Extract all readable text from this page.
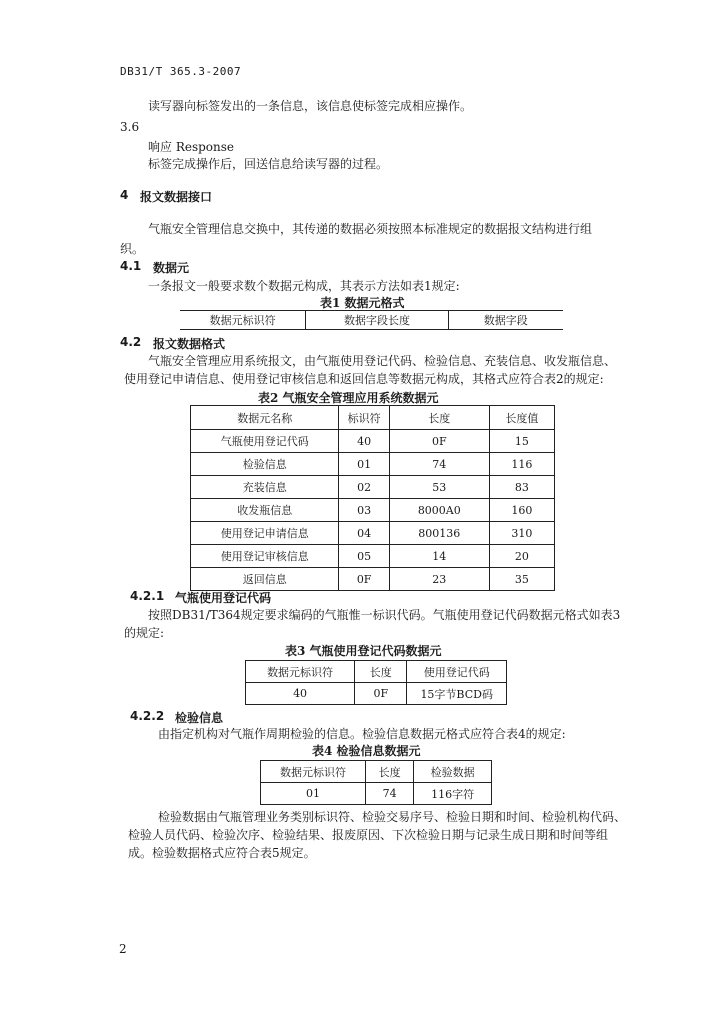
DB31/T 365.3-2007
读写器向标签发出的一条信息，该信息使标签完成相应操作。
3.6
响应 Response
标签完成操作后，回送信息给读写器的过程。
4 报文数据接口
气瓶安全管理信息交换中，其传递的数据必须按照本标准规定的数据报文结构进行组
织。
4.1 数据元
一条报文一般要求数个数据元构成，其表示方法如表1规定:
表1 数据元格式
数据元标识符	数据字段长度	数据字段
4.2 报文数据格式
气瓶安全管理应用系统报文，由气瓶使用登记代码、检验信息、充装信息、收发瓶信息、
使用登记申请信息、使用登记审核信息和返回信息等数据元构成，其格式应符合表2的规定:
表2 气瓶安全管理应用系统数据元
数据元名称	标识符	长度	长度值
气瓶使用登记代码	40	0F	15
检验信息	01	74	116
充装信息	02	53	83
收发瓶信息	03	8000A0	160
使用登记申请信息	04	800136	310
使用登记审核信息	05	14	20
返回信息	0F	23	35
4.2.1 气瓶使用登记代码
按照DB31/T364规定要求编码的气瓶惟一标识代码。气瓶使用登记代码数据元格式如表3
的规定:
表3 气瓶使用登记代码数据元
数据元标识符	长度	使用登记代码
40	0F	15字节BCD码
4.2.2 检验信息
由指定机构对气瓶作周期检验的信息。检验信息数据元格式应符合表4的规定:
表4 检验信息数据元
数据元标识符	长度	检验数据
01	74	116字符
检验数据由气瓶管理业务类别标识符、检验交易序号、检验日期和时间、检验机构代码、
检验人员代码、检验次序、检验结果、报废原因、下次检验日期与记录生成日期和时间等组
成。检验数据格式应符合表5规定。
2
